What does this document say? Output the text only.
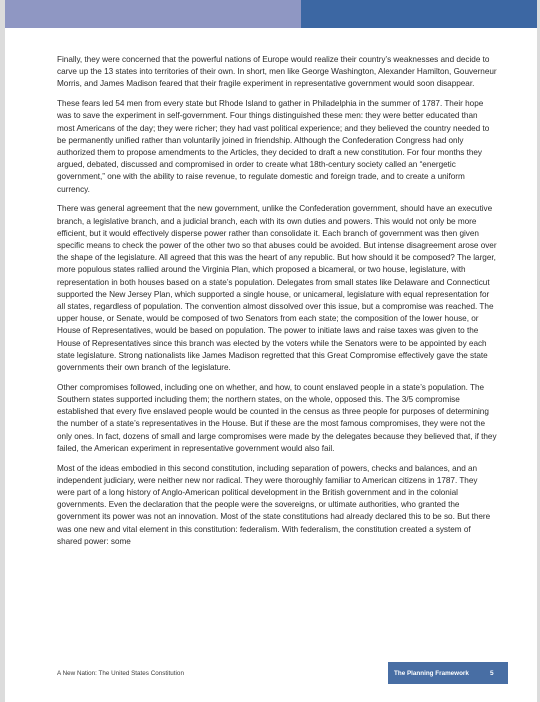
Finally, they were concerned that the powerful nations of Europe would realize their country’s weaknesses and decide to carve up the 13 states into territories of their own. In short, men like George Washington, Alexander Hamilton, Gouverneur Morris, and James Madison feared that their fragile experiment in representative government would soon disappear.

These fears led 54 men from every state but Rhode Island to gather in Philadelphia in the summer of 1787. Their hope was to save the experiment in self-government. Four things distinguished these men: they were better educated than most Americans of the day; they were richer; they had vast political experience; and they believed the country needed to be permanently unified rather than voluntarily joined in friendship. Although the Confederation Congress had only authorized them to propose amendments to the Articles, they decided to draft a new constitution. For four months they argued, debated, discussed and compromised in order to create what 18th-century society called an “energetic government,” one with the ability to raise revenue, to regulate domestic and foreign trade, and to create a uniform currency.

There was general agreement that the new government, unlike the Confederation government, should have an executive branch, a legislative branch, and a judicial branch, each with its own duties and powers. This would not only be more efficient, but it would effectively disperse power rather than consolidate it. Each branch of government was then given specific means to check the power of the other two so that abuses could be avoided. But intense disagreement arose over the shape of the legislature. All agreed that this was the heart of any republic. But how should it be composed? The larger, more populous states rallied around the Virginia Plan, which proposed a bicameral, or two house, legislature, with representation in both houses based on a state’s population. Delegates from small states like Delaware and Connecticut supported the New Jersey Plan, which supported a single house, or unicameral, legislature with equal representation for all states, regardless of population. The convention almost dissolved over this issue, but a compromise was reached. The upper house, or Senate, would be composed of two Senators from each state; the composition of the lower house, or House of Representatives, would be based on population. The power to initiate laws and raise taxes was given to the House of Representatives since this branch was elected by the voters while the Senators were to be appointed by each state legislature. Strong nationalists like James Madison regretted that this Great Compromise effectively gave the state governments their own branch of the legislature.

Other compromises followed, including one on whether, and how, to count enslaved people in a state’s population. The Southern states supported including them; the northern states, on the whole, opposed this. The 3/5 compromise established that every five enslaved people would be counted in the census as three people for purposes of determining the number of a state’s representatives in the House. But if these are the most famous compromises, they were not the only ones. In fact, dozens of small and large compromises were made by the delegates because they believed that, if they failed, the American experiment in representative government would also fail.

Most of the ideas embodied in this second constitution, including separation of powers, checks and balances, and an independent judiciary, were neither new nor radical. They were thoroughly familiar to American citizens in 1787. They were part of a long history of Anglo-American political development in the British government and in the colonial governments. Even the declaration that the people were the sovereigns, or ultimate authorities, who granted the government its power was not an innovation. Most of the state constitutions had already declared this to be so. But there was one new and vital element in this constitution: federalism. With federalism, the constitution created a system of shared power: some

A New Nation: The United States Constitution	The Planning Framework	5
